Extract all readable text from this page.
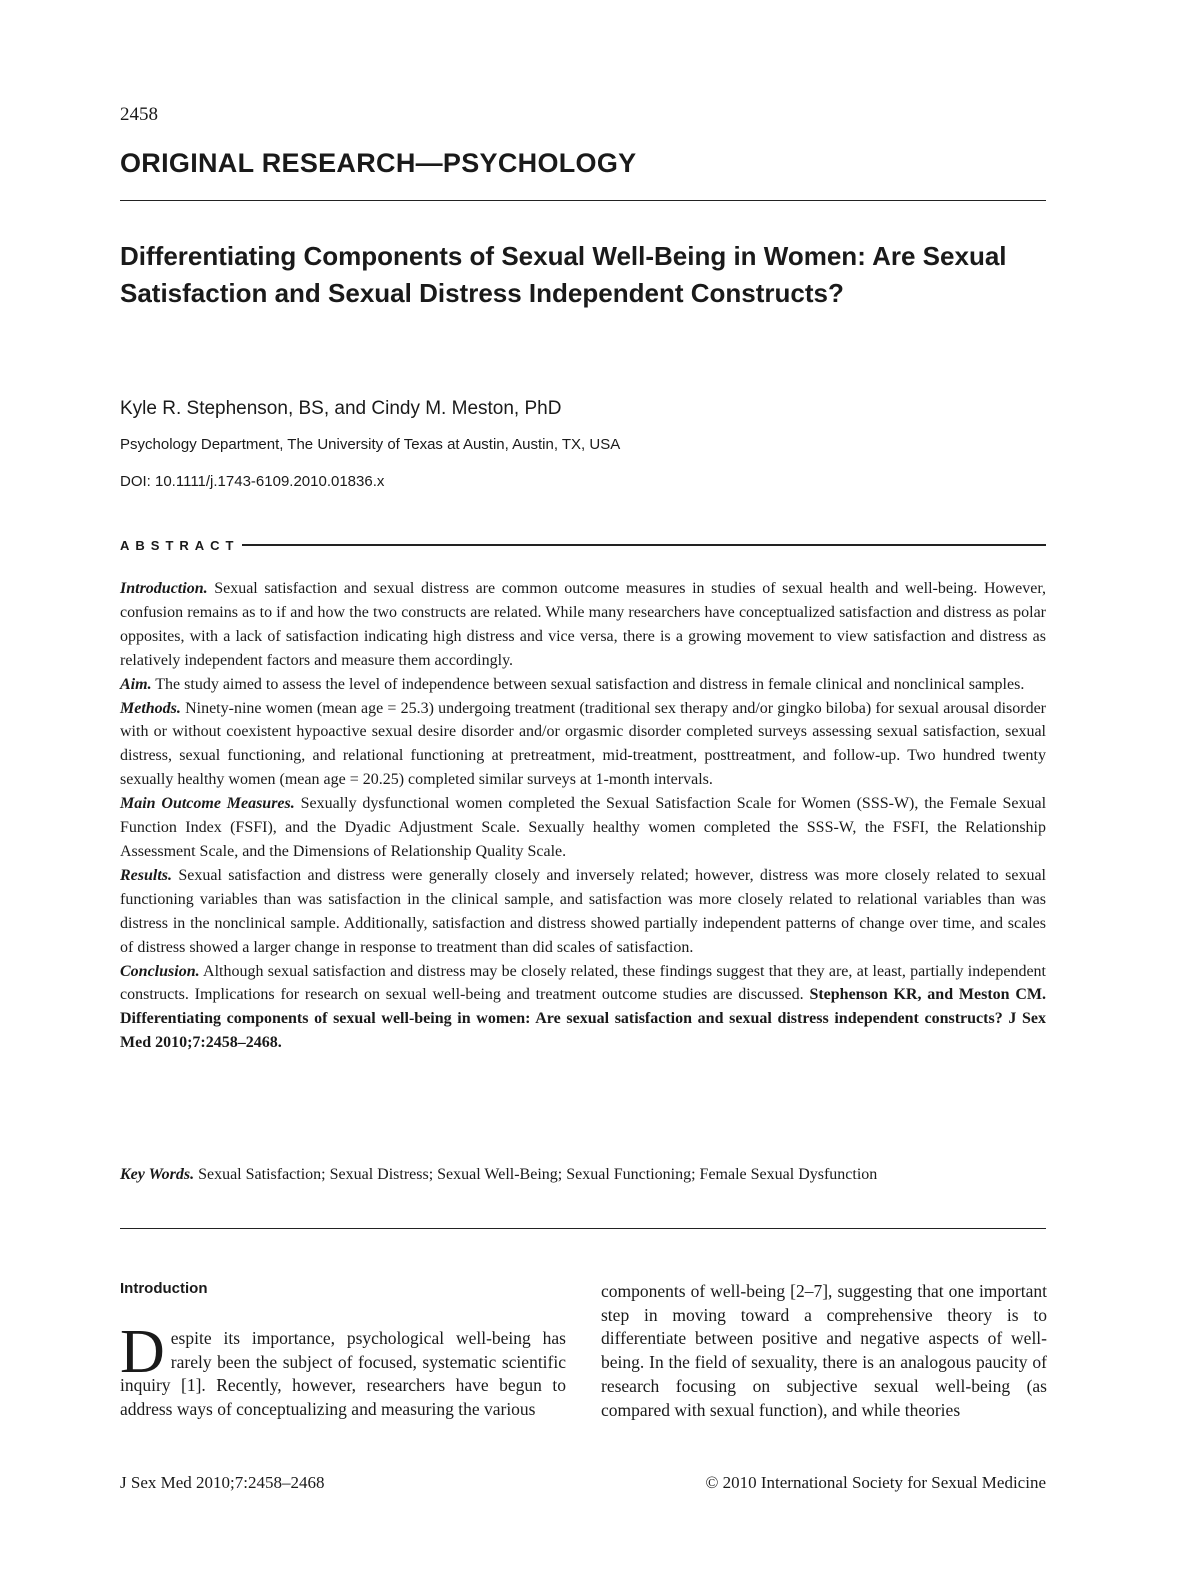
2458
ORIGINAL RESEARCH—PSYCHOLOGY
Differentiating Components of Sexual Well-Being in Women: Are Sexual Satisfaction and Sexual Distress Independent Constructs?
Kyle R. Stephenson, BS, and Cindy M. Meston, PhD
Psychology Department, The University of Texas at Austin, Austin, TX, USA
DOI: 10.1111/j.1743-6109.2010.01836.x
ABSTRACT

Introduction. Sexual satisfaction and sexual distress are common outcome measures in studies of sexual health and well-being. However, confusion remains as to if and how the two constructs are related. While many researchers have conceptualized satisfaction and distress as polar opposites, with a lack of satisfaction indicating high distress and vice versa, there is a growing movement to view satisfaction and distress as relatively independent factors and measure them accordingly.

Aim. The study aimed to assess the level of independence between sexual satisfaction and distress in female clinical and nonclinical samples.

Methods. Ninety-nine women (mean age = 25.3) undergoing treatment (traditional sex therapy and/or gingko biloba) for sexual arousal disorder with or without coexistent hypoactive sexual desire disorder and/or orgasmic disorder completed surveys assessing sexual satisfaction, sexual distress, sexual functioning, and relational functioning at pretreatment, mid-treatment, posttreatment, and follow-up. Two hundred twenty sexually healthy women (mean age = 20.25) completed similar surveys at 1-month intervals.

Main Outcome Measures. Sexually dysfunctional women completed the Sexual Satisfaction Scale for Women (SSS-W), the Female Sexual Function Index (FSFI), and the Dyadic Adjustment Scale. Sexually healthy women completed the SSS-W, the FSFI, the Relationship Assessment Scale, and the Dimensions of Relationship Quality Scale.

Results. Sexual satisfaction and distress were generally closely and inversely related; however, distress was more closely related to sexual functioning variables than was satisfaction in the clinical sample, and satisfaction was more closely related to relational variables than was distress in the nonclinical sample. Additionally, satisfaction and distress showed partially independent patterns of change over time, and scales of distress showed a larger change in response to treatment than did scales of satisfaction.

Conclusion. Although sexual satisfaction and distress may be closely related, these findings suggest that they are, at least, partially independent constructs. Implications for research on sexual well-being and treatment outcome studies are discussed. Stephenson KR, and Meston CM. Differentiating components of sexual well-being in women: Are sexual satisfaction and sexual distress independent constructs? J Sex Med 2010;7:2458–2468.

Key Words. Sexual Satisfaction; Sexual Distress; Sexual Well-Being; Sexual Functioning; Female Sexual Dysfunction
Introduction

Despite its importance, psychological well-being has rarely been the subject of focused, systematic scientific inquiry [1]. Recently, however, researchers have begun to address ways of conceptualizing and measuring the various

components of well-being [2–7], suggesting that one important step in moving toward a comprehensive theory is to differentiate between positive and negative aspects of well-being. In the field of sexuality, there is an analogous paucity of research focusing on subjective sexual well-being (as compared with sexual function), and while theories

J Sex Med 2010;7:2458–2468	© 2010 International Society for Sexual Medicine
